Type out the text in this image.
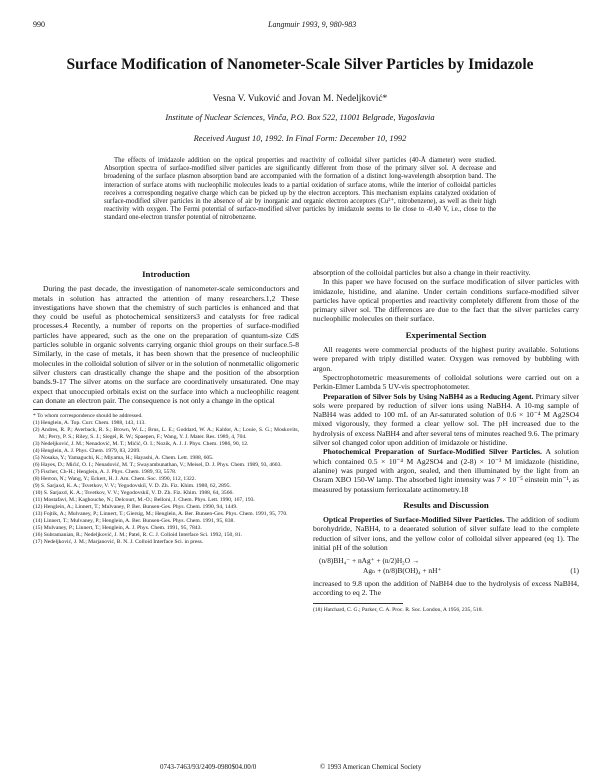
990	Langmuir 1993, 9, 980-983
Surface Modification of Nanometer-Scale Silver Particles by Imidazole
Vesna V. Vuković and Jovan M. Nedeljković*
Institute of Nuclear Sciences, Vinča, P.O. Box 522, 11001 Belgrade, Yugoslavia
Received August 10, 1992. In Final Form: December 10, 1992
The effects of imidazole addition on the optical properties and reactivity of colloidal silver particles (40-Å diameter) were studied. Absorption spectra of surface-modified silver particles are significantly different from those of the primary silver sol. A decrease and broadening of the surface plasmon absorption band are accompanied with the formation of a distinct long-wavelength absorption band. The interaction of surface atoms with nucleophilic molecules leads to a partial oxidation of surface atoms, while the interior of colloidal particles receives a corresponding negative charge which can be picked up by the electron acceptors. This mechanism explains catalyzed oxidation of surface-modified silver particles in the absence of air by inorganic and organic electron acceptors (Cu²⁺, nitrobenzene), as well as their high reactivity with oxygen. The Fermi potential of surface-modified silver particles by imidazole seems to lie close to -0.40 V, i.e., close to the standard one-electron transfer potential of nitrobenzene.
Introduction

During the past decade, the investigation of nanometer-scale semiconductors and metals in solution has attracted the attention of many researchers.1,2 These investigations have shown that the chemistry of such particles is enhanced and that they could be useful as photochemical sensitizers3 and catalysts for free radical processes.4 Recently, a number of reports on the properties of surface-modified particles have appeared, such as the one on the preparation of quantum-size CdS particles soluble in organic solvents carrying organic thiol groups on their surface.5-8 Similarly, in the case of metals, it has been shown that the presence of nucleophilic molecules in the colloidal solution of silver or in the solution of nonmetallic oligomeric silver clusters can drastically change the shape and the position of the absorption bands.9-17 The silver atoms on the surface are coordinatively unsaturated. One may expect that unoccupied orbitals exist on the surface into which a nucleophilic reagent can donate an electron pair. The consequence is not only a change in the optical

* To whom correspondence should be addressed.
(1) Henglein, A. Top. Curr. Chem. 1988, 143, 113.
(2) Andres, R. P.; Averback, R. S.; Brown, W. L.; Brus, L. E.; Goddard, W. A.; Kaldor, A.; Louie, S. G.; Moskovits, M.; Perry, P. S.; Riley, S. J.; Siegel, R. W.; Spaepen, F.; Wang, Y. J. Mater. Res. 1989, 4, 704.
(3) Nedeljković, J. M.; Nenadović, M. T.; Mićić, O. I.; Nozik, A. J. J. Phys. Chem. 1986, 90, 12.
(4) Henglein, A. J. Phys. Chem. 1979, 83, 2209.
(5) Nosaka, Y.; Yamaguchi, K.; Miyama, H.; Hayashi, A. Chem. Lett. 1988, 605.
(6) Hayes, D.; Mićić, O. I.; Nenadović, M. T.; Swayambunathan, V.; Meisel, D. J. Phys. Chem. 1989, 93, 4603.
(7) Fischer, Ch-H.; Henglein, A. J. Phys. Chem. 1989, 93, 5578.
(8) Herron, N.; Wang, Y.; Eckert, H. J. Am. Chem. Soc. 1990, 112, 1322.
(9) S. Sarjaxd, K. A.; Tsvetkov, V. V.; Yegodovskiĭ, V. D. Zh. Fiz. Khim. 1988, 62, 2895.
(10) S. Sarjaxd, K. A.; Tsvetkov, V. V.; Yegodovskiĭ, V. D. Zh. Fiz. Khim. 1988, 64, 3566.
(11) Mostafavi, M.; Kaghouche, N.; Delcourt, M.-O.; Belloni, J. Chem. Phys. Lett. 1990, 167, 193.
(12) Henglein, A.; Linnert, T.; Mulvaney, P. Ber. Bunsen-Ges. Phys. Chem. 1990, 94, 1449.
(13) Fojtik, A.; Mulvaney, P.; Linnert, T.; Giersig, M.; Henglein, A. Ber. Bunsen-Ges. Phys. Chem. 1991, 95, 770.
(14) Linnert, T.; Mulvaney, P.; Henglein, A. Ber. Bunsen-Ges. Phys. Chem. 1991, 95, 838.
(15) Mulvaney, P.; Linnert, T.; Henglein, A. J. Phys. Chem. 1991, 95, 7843.
(16) Subramanian, R.; Nedeljković, J. M.; Patel, R. C. J. Colloid Interface Sci. 1992, 150, 81.
(17) Nedeljković, J. M.; Marjanović, B. N. J. Colloid Interface Sci. in press.

absorption of the colloidal particles but also a change in their reactivity.

In this paper we have focused on the surface modification of silver particles with imidazole, histidine, and alanine. Under certain conditions surface-modified silver particles have optical properties and reactivity completely different from those of the primary silver sol. The differences are due to the fact that the silver particles carry nucleophilic molecules on their surface.

Experimental Section

All reagents were commercial products of the highest purity available. Solutions were prepared with triply distilled water. Oxygen was removed by bubbling with argon.

Spectrophotometric measurements of colloidal solutions were carried out on a Perkin-Elmer Lambda 5 UV-vis spectrophotometer.

Preparation of Silver Sols by Using NaBH4 as a Reducing Agent. Primary silver sols were prepared by reduction of silver ions using NaBH4. A 10-mg sample of NaBH4 was added to 100 mL of an Ar-saturated solution of 0.6 × 10⁻⁴ M Ag2SO4 mixed vigorously, they formed a clear yellow sol. The pH increased due to the hydrolysis of excess NaBH4 and after several tens of minutes reached 9.6. The primary silver sol changed color upon addition of imidazole or histidine.

Photochemical Preparation of Surface-Modified Silver Particles. A solution which contained 0.5 × 10⁻⁴ M Ag2SO4 and (2-8) × 10⁻³ M imidazole (histidine, alanine) was purged with argon, sealed, and then illuminated by the light from an Osram XBO 150-W lamp. The absorbed light intensity was 7 × 10⁻⁵ einstein min⁻¹, as measured by potassium ferrioxalate actinometry.18

Results and Discussion

Optical Properties of Surface-Modified Silver Particles. The addition of sodium borohydride, NaBH4, to a deaerated solution of silver sulfate lead to the complete reduction of silver ions, and the yellow color of colloidal silver appeared (eq 1). The initial pH of the solution

(n/8)BH₄⁻ + nAg⁺ + (n/2)H₂O →
Agₙ + (n/8)B(OH)₄ + nH⁺	(1)

increased to 9.8 upon the addition of NaBH4 due to the hydrolysis of excess NaBH4, according to eq 2. The

(18) Hatchard, C. G.; Parker, C. A. Proc. R. Soc. London, A 1956, 235, 518.
0743-7463/93/2409-0980$04.00/0	© 1993 American Chemical Society
